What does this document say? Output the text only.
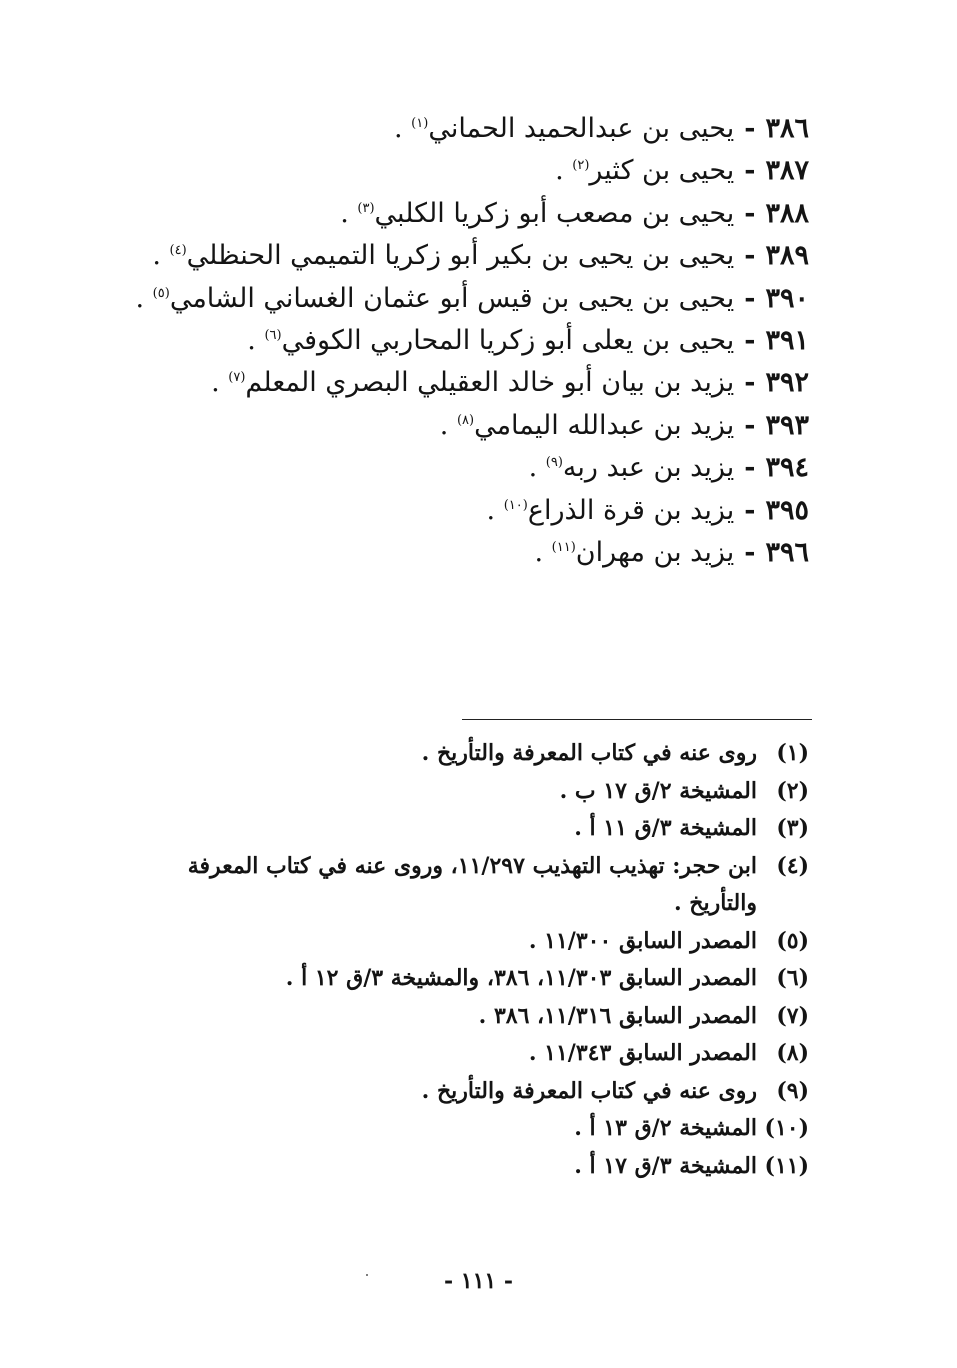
٣٨٦-يحيى بن عبدالحميد الحماني$^{(١)}$ .
٣٨٧-يحيى بن كثير$^{(٢)}$ .
٣٨٨-يحيى بن مصعب أبو زكريا الكلبي$^{(٣)}$ .
٣٨٩-يحيى بن يحيى بن بكير أبو زكريا التميمي الحنظلي$^{(٤)}$ .
٣٩٠-يحيى بن يحيى بن قيس أبو عثمان الغساني الشامي$^{(٥)}$ .
٣٩١-يحيى بن يعلى أبو زكريا المحاربي الكوفي$^{(٦)}$ .
٣٩٢-يزيد بن بيان أبو خالد العقيلي البصري المعلم$^{(٧)}$ .
٣٩٣-يزيد بن عبدالله اليمامي$^{(٨)}$ .
٣٩٤-يزيد بن عبد ربه$^{(٩)}$ .
٣٩٥-يزيد بن قرة الذراع$^{(١٠)}$ .
٣٩٦-يزيد بن مهران$^{(١١)}$ .
(١)
روى عنه في كتاب المعرفة والتأريخ .
(٢)
المشيخة ٢/ق ١٧ ب .
(٣)
المشيخة ٣/ق ١١ أ .
(٤)
ابن حجر: تهذيب التهذيب ١١/٢٩٧، وروى عنه في كتاب المعرفة والتأريخ .
(٥)
المصدر السابق ١١/٣٠٠ .
(٦)
المصدر السابق ١١/٣٠٣، ٣٨٦، والمشيخة ٣/ق ١٢ أ .
(٧)
المصدر السابق ١١/٣١٦، ٣٨٦ .
(٨)
المصدر السابق ١١/٣٤٣ .
(٩)
روى عنه في كتاب المعرفة والتأريخ .
(١٠)
المشيخة ٢/ق ١٣ أ .
(١١)
المشيخة ٣/ق ١٧ أ .
- ١١١ -
